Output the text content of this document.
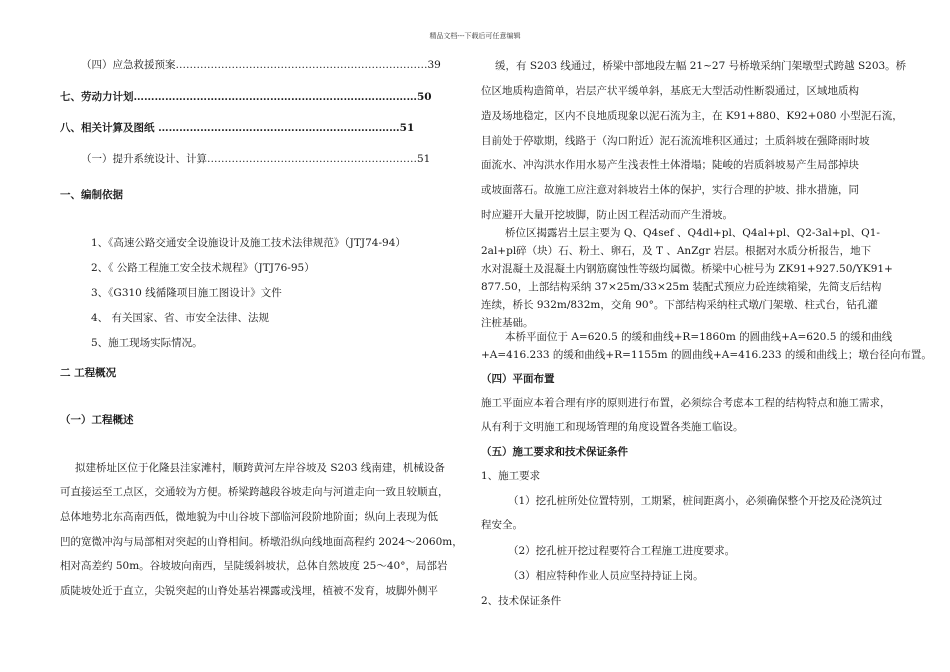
精品文档---下载后可任意编辑
（四）应急救援预案………………………………………………………………39
七、劳动力计划………………………………………………………………………50
八、相关计算及图纸 ……………………………………………………………51
（一）提升系统设计、计算……………………………………………………51
一、编制依据
1、《高速公路交通安全设施设计及施工技术法律规范》（JTJ74-94）
2、《 公路工程施工安全技术规程》（JTJ76-95）
3、《G310 线循隆项目施工图设计》文件
4、 有关国家、省、市安全法律、法规
5、施工现场实际情况。
二 工程概况
（一）工程概述
拟建桥址区位于化隆县洼家滩村，顺跨黄河左岸谷坡及 S203 线南建，机械设备
可直接运至工点区，交通较为方便。桥梁跨越段谷坡走向与河道走向一致且较顺直，
总体地势北东高南西低，微地貌为中山谷坡下部临河段阶地阶面；纵向上表现为低
凹的宽微冲沟与局部相对突起的山脊相间。桥墩沿纵向线地面高程约 2024～2060m，
相对高差约 50m。谷坡坡向南西，呈陡缓斜坡状，总体自然坡度 25～40°，局部岩
质陡坡处近于直立，尖锐突起的山脊处基岩裸露或浅埋，植被不发育，坡脚外侧平
缓，有 S203 线通过，桥梁中部地段左幅 21~27 号桥墩采纳门架墩型式跨越 S203。桥
位区地质构造简单，岩层产状平缓单斜，基底无大型活动性断裂通过，区域地质构
造及场地稳定，区内不良地质现象以泥石流为主，在 K91+880、K92+080 小型泥石流，
目前处于停歇期，线路于（沟口附近）泥石流流堆积区通过；土质斜坡在强降雨时坡
面流水、冲沟洪水作用水易产生浅表性土体滑塌；陡峻的岩质斜坡易产生局部掉块
或坡面落石。故施工应注意对斜坡岩土体的保护，实行合理的护坡、排水措施，同
时应避开大量开挖坡脚，防止因工程活动而产生滑坡。
桥位区揭露岩土层主要为 Q、Q4sef 、Q4dl+pl、Q4al+pl、Q2-3al+pl、Q1-
2al+pl碎（块）石、粉土、卵石，及 T 、AnZgr 岩层。根据对水质分析报告，地下
水对混凝土及混凝土内钢筋腐蚀性等级均属微。桥梁中心桩号为 ZK91+927.50/YK91+
877.50，上部结构采纳 37×25m/33×25m 装配式预应力砼连续箱梁，先简支后结构
连续，桥长 932m/832m，交角 90°。下部结构采纳柱式墩/门架墩、柱式台，钻孔灌
注桩基础。
本桥平面位于 A=620.5 的缓和曲线+R=1860m 的圆曲线+A=620.5 的缓和曲线
+A=416.233 的缓和曲线+R=1155m 的圆曲线+A=416.233 的缓和曲线上；墩台径向布置。
（四）平面布置
施工平面应本着合理有序的原则进行布置，必须综合考虑本工程的结构特点和施工需求，
从有利于文明施工和现场管理的角度设置各类施工临设。
（五）施工要求和技术保证条件
1、施工要求
（1）挖孔桩所处位置特别，工期紧，桩间距离小，必须确保整个开挖及砼浇筑过
程安全。
（2）挖孔桩开挖过程要符合工程施工进度要求。
（3）相应特种作业人员应坚持持证上岗。
2、技术保证条件
